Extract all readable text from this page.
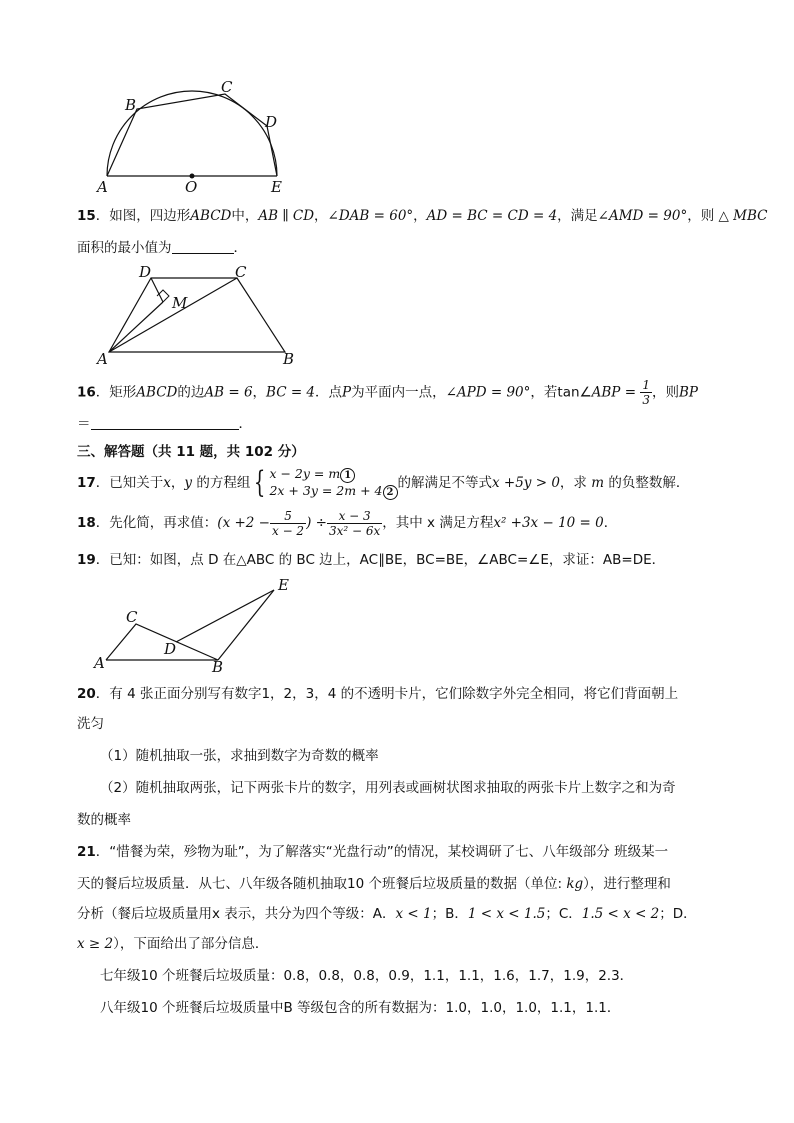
A	O	E
B
C
D
15．如图，四边形ABCD中，AB ∥ CD，∠DAB = 60°，AD = BC = CD = 4，满足∠AMD = 90°，则 △ MBC
面积的最小值为	．
D	C
M
A	B
16．矩形ABCD的边AB = 6，BC = 4．点P为平面内一点，∠APD = 90°，若tan∠ABP = $\frac{1}{3}$ ，则BP
＝	．
三、解答题（共 11 题，共 102 分）
17．已知关于x，y 的方程组 { x − 2y = m 1
2x + 3y = 2m + 4 2
的解满足不等式x +5y > 0，求 m 的负整数解．
18．先化简，再求值：($x +2 - \frac{5}{x - 2}$ ) ÷ $\frac{x - 3}{\text{3x² − 6x}}$ ，其中 x 满足方程x² +3x − 10 = 0．
19．已知：如图，点 D 在△ABC 的 BC 边上，AC∥BE，BC=BE，∠ABC=∠E，求证：AB=DE．
E
C
D
A	B
20．有 4 张正面分别写有数字1，2，3，4 的不透明卡片，它们除数字外完全相同，将它们背面朝上
洗匀
（1）随机抽取一张，求抽到数字为奇数的概率
（2）随机抽取两张，记下两张卡片的数字，用列表或画树状图求抽取的两张卡片上数字之和为奇
数的概率
21．“惜餐为荣，殄物为耻”，为了解落实“光盘行动”的情况，某校调研了七、八年级部分 班级某一
天的餐后垃圾质量．从七、八年级各随机抽取10 个班餐后垃圾质量的数据（单位: kg），进行整理和
分析（餐后垃圾质量用x 表示，共分为四个等级：A．x < 1；B．1 < x < 1.5；C．1.5 < x < 2；D．
x ≥ 2），下面给出了部分信息．
七年级10 个班餐后垃圾质量：0.8，0.8，0.8，0.9，1.1，1.1，1.6，1.7，1.9，2.3．
八年级10 个班餐后垃圾质量中B 等级包含的所有数据为：1.0，1.0，1.0，1.1，1.1．
